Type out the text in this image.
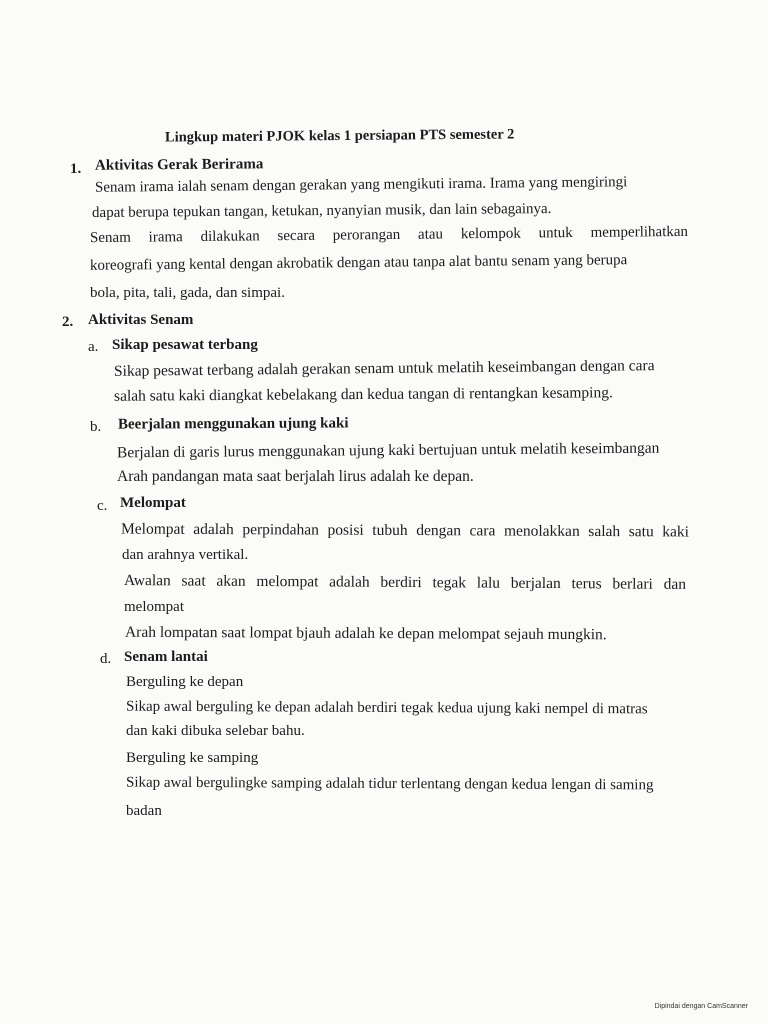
Lingkup materi PJOK kelas 1 persiapan PTS semester 2
1. Aktivitas Gerak Berirama
Senam irama ialah senam dengan gerakan yang mengikuti irama. Irama yang mengiringi
dapat berupa tepukan tangan, ketukan, nyanyian musik, dan lain sebagainya.
Senam irama dilakukan secara perorangan atau kelompok untuk memperlihatkan
koreografi yang kental dengan akrobatik dengan atau tanpa alat bantu senam yang berupa
bola, pita, tali, gada, dan simpai.
2. Aktivitas Senam
a. Sikap pesawat terbang
Sikap pesawat terbang adalah gerakan senam untuk melatih keseimbangan dengan cara
salah satu kaki diangkat kebelakang dan kedua tangan di rentangkan kesamping.
b. Beerjalan menggunakan ujung kaki
Berjalan di garis lurus menggunakan ujung kaki bertujuan untuk melatih keseimbangan
Arah pandangan mata saat berjalah lirus adalah ke depan.
c. Melompat
Melompat adalah perpindahan posisi tubuh dengan cara menolakkan salah satu kaki
dan arahnya vertikal.
Awalan saat akan melompat adalah berdiri tegak lalu berjalan terus berlari dan
melompat
Arah lompatan saat lompat bjauh adalah ke depan melompat sejauh mungkin.
d. Senam lantai
Berguling ke depan
Sikap awal berguling ke depan adalah berdiri tegak kedua ujung kaki nempel di matras
dan kaki dibuka selebar bahu.
Berguling ke samping
Sikap awal bergulingke samping adalah tidur terlentang dengan kedua lengan di saming
badan
Dipindai dengan CamScanner
